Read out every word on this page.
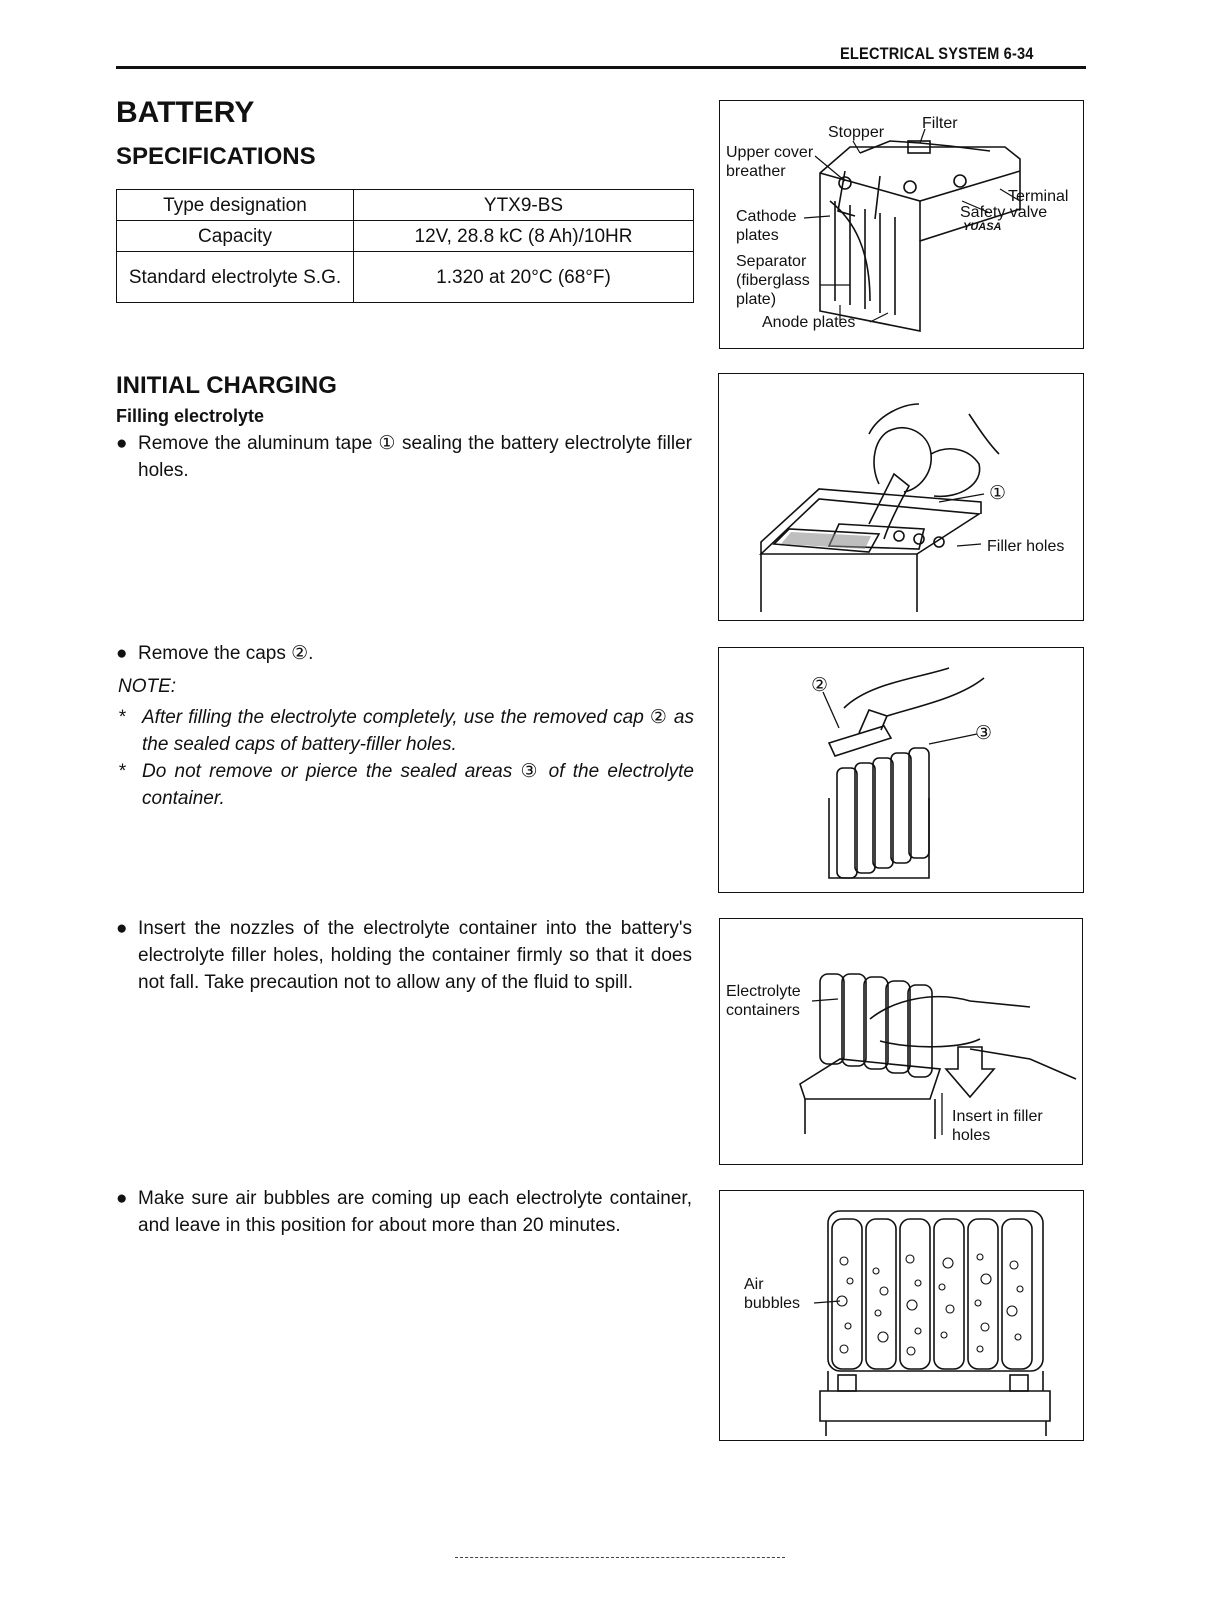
ELECTRICAL SYSTEM 6-34
BATTERY
SPECIFICATIONS
Type designation	YTX9-BS
Capacity	12V, 28.8 kC (8 Ah)/10HR
Standard electrolyte S.G.	1.320 at 20°C (68°F)
INITIAL CHARGING
Filling electrolyte
● Remove the aluminum tape ① sealing the battery electrolyte filler holes.
● Remove the caps ②.
NOTE:
* After filling the electrolyte completely, use the removed cap ② as the sealed caps of battery-filler holes.
* Do not remove or pierce the sealed areas ③ of the electrolyte container.
● Insert the nozzles of the electrolyte container into the battery's electrolyte filler holes, holding the container firmly so that it does not fall. Take precaution not to allow any of the fluid to spill.
● Make sure air bubbles are coming up each electrolyte container, and leave in this position for about more than 20 minutes.
Stopper
Filter
Upper cover breather
Terminal
Safety valve
YUASA
Cathode plates
Separator (fiberglass plate)
Anode plates
①
Filler holes
②
③
Electrolyte containers
Insert in filler holes
Air bubbles
